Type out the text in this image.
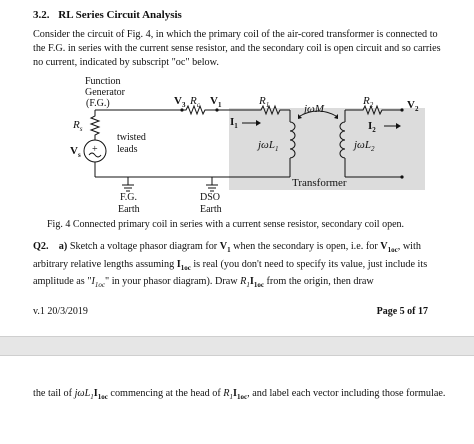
3.2. RL Series Circuit Analysis
Consider the circuit of Fig. 4, in which the primary coil of the air-cored transformer is connected to the F.G. in series with the current sense resistor, and the secondary coil is open circuit and so carries no current, indicated by subscript "oc" below.
Function
Generator
(F.G.)
$R_s$
+
$V_s$
twisted
leads
F.G.
Earth
DSO
Earth
$V_3$ $R_c$ $V_1$	$R_1$
$I_1$
jωL$_1$
jωM
jωL$_2$
$R_2$	$V_2$
$I_2$
Transformer
Fig. 4 Connected primary coil in series with a current sense resistor, secondary coil open.
Q2. a) Sketch a voltage phasor diagram for $V_1$ when the secondary is open, i.e. for $V_{1oc}$, with arbitrary relative lengths assuming $I_{1oc}$ is real (you don't need to specify its value, just include its amplitude as "$I_{1oc}$" in your phasor diagram). Draw $R_1I_{1oc}$ from the origin, then draw
v.1 20/3/2019	Page 5 of 17
the tail of $j\omega L_1I_{1oc}$ commencing at the head of $R_1I_{1oc}$, and label each vector including those formulae.
